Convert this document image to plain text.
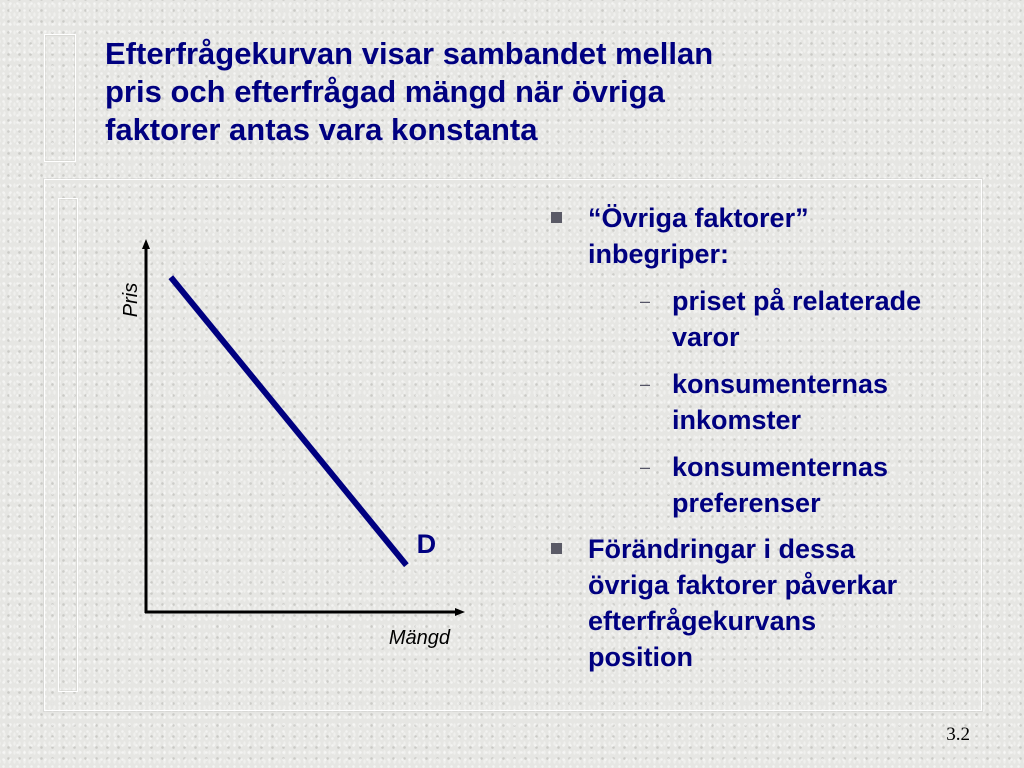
Efterfrågekurvan visar sambandet mellan
pris och efterfrågad mängd när övriga
faktorer antas vara konstanta
D
Pris
Mängd
“Övriga faktorer”
inbegriper:
– priset på relaterade
varor
– konsumenternas
inkomster
– konsumenternas
preferenser
Förändringar i dessa
övriga faktorer påverkar
efterfrågekurvans
position
3.2
